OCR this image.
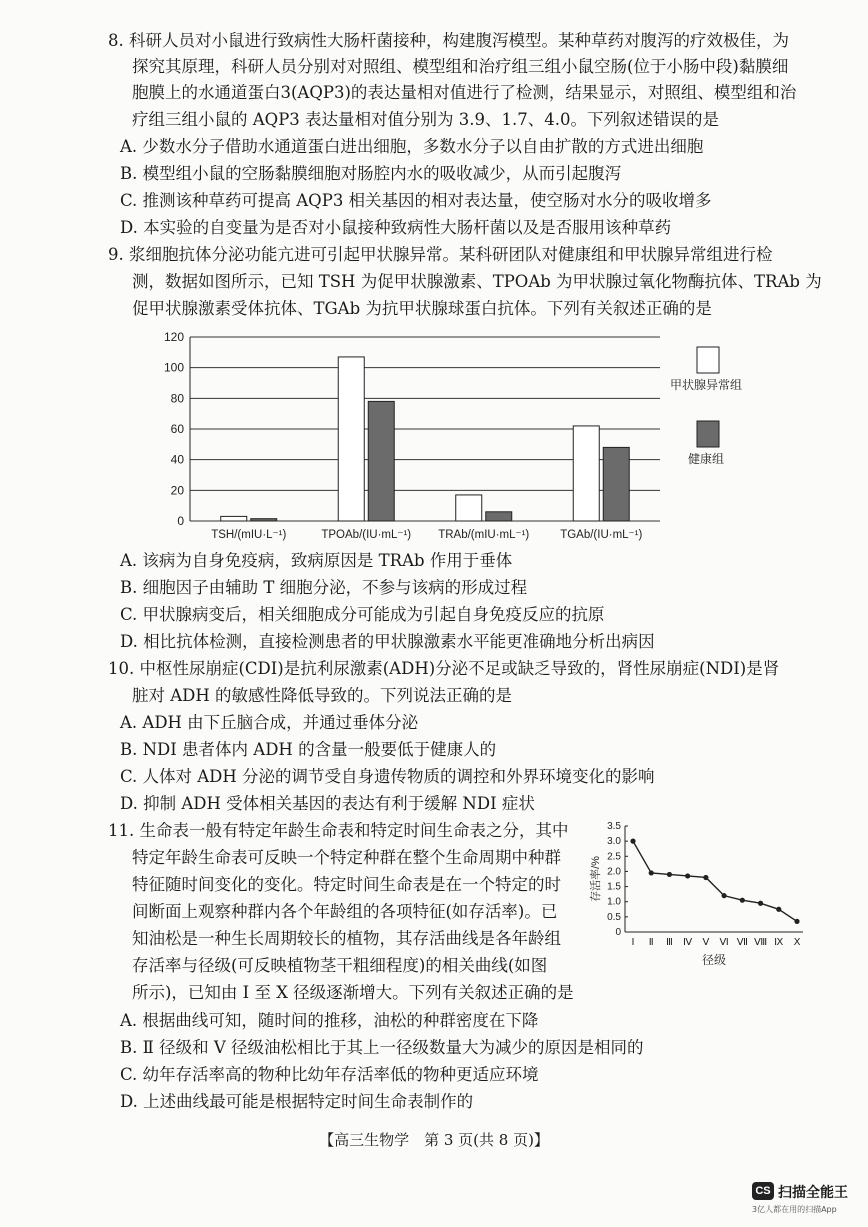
8. 科研人员对小鼠进行致病性大肠杆菌接种，构建腹泻模型。某种草药对腹泻的疗效极佳，为
探究其原理，科研人员分别对对照组、模型组和治疗组三组小鼠空肠(位于小肠中段)黏膜细
胞膜上的水通道蛋白3(AQP3)的表达量相对值进行了检测，结果显示，对照组、模型组和治
疗组三组小鼠的 AQP3 表达量相对值分别为 3.9、1.7、4.0。下列叙述错误的是
A. 少数水分子借助水通道蛋白进出细胞，多数水分子以自由扩散的方式进出细胞
B. 模型组小鼠的空肠黏膜细胞对肠腔内水的吸收减少，从而引起腹泻
C. 推测该种草药可提高 AQP3 相关基因的相对表达量，使空肠对水分的吸收增多
D. 本实验的自变量为是否对小鼠接种致病性大肠杆菌以及是否服用该种草药
9. 浆细胞抗体分泌功能亢进可引起甲状腺异常。某科研团队对健康组和甲状腺异常组进行检
测，数据如图所示，已知 TSH 为促甲状腺激素、TPOAb 为甲状腺过氧化物酶抗体、TRAb 为
促甲状腺激素受体抗体、TGAb 为抗甲状腺球蛋白抗体。下列有关叙述正确的是
0
20
40
60
80
100
120
TSH/(mIU·L⁻¹)	TPOAb/(IU·mL⁻¹) TRAb/(mIU·mL⁻¹)	TGAb/(IU·mL⁻¹)
甲状腺异常组
健康组
A. 该病为自身免疫病，致病原因是 TRAb 作用于垂体
B. 细胞因子由辅助 T 细胞分泌，不参与该病的形成过程
C. 甲状腺病变后，相关细胞成分可能成为引起自身免疫反应的抗原
D. 相比抗体检测，直接检测患者的甲状腺激素水平能更准确地分析出病因
10. 中枢性尿崩症(CDI)是抗利尿激素(ADH)分泌不足或缺乏导致的，肾性尿崩症(NDI)是肾
脏对 ADH 的敏感性降低导致的。下列说法正确的是
A. ADH 由下丘脑合成，并通过垂体分泌
B. NDI 患者体内 ADH 的含量一般要低于健康人的
C. 人体对 ADH 分泌的调节受自身遗传物质的调控和外界环境变化的影响
D. 抑制 ADH 受体相关基因的表达有利于缓解 NDI 症状
11. 生命表一般有特定年龄生命表和特定时间生命表之分，其中
特定年龄生命表可反映一个特定种群在整个生命周期中种群
特征随时间变化的变化。特定时间生命表是在一个特定的时
间断面上观察种群内各个年龄组的各项特征(如存活率)。已
知油松是一种生长周期较长的植物，其存活曲线是各年龄组
存活率与径级(可反映植物茎干粗细程度)的相关曲线(如图
所示)，已知由 Ⅰ 至 Ⅹ 径级逐渐增大。下列有关叙述正确的是
A. 根据曲线可知，随时间的推移，油松的种群密度在下降
B. Ⅱ 径级和 Ⅴ 径级油松相比于其上一径级数量大为减少的原因是相同的
C. 幼年存活率高的物种比幼年存活率低的物种更适应环境
D. 上述曲线最可能是根据特定时间生命表制作的
0
0.5
1.0
1.5
2.0
2.5
3.0
3.5
Ⅰ Ⅱ Ⅲ Ⅳ Ⅴ Ⅵ Ⅶ Ⅷ Ⅸ Ⅹ
径级
存活率/%
【高三生物学　第 3 页(共 8 页)】
CS 扫描全能王
3亿人都在用的扫描App
